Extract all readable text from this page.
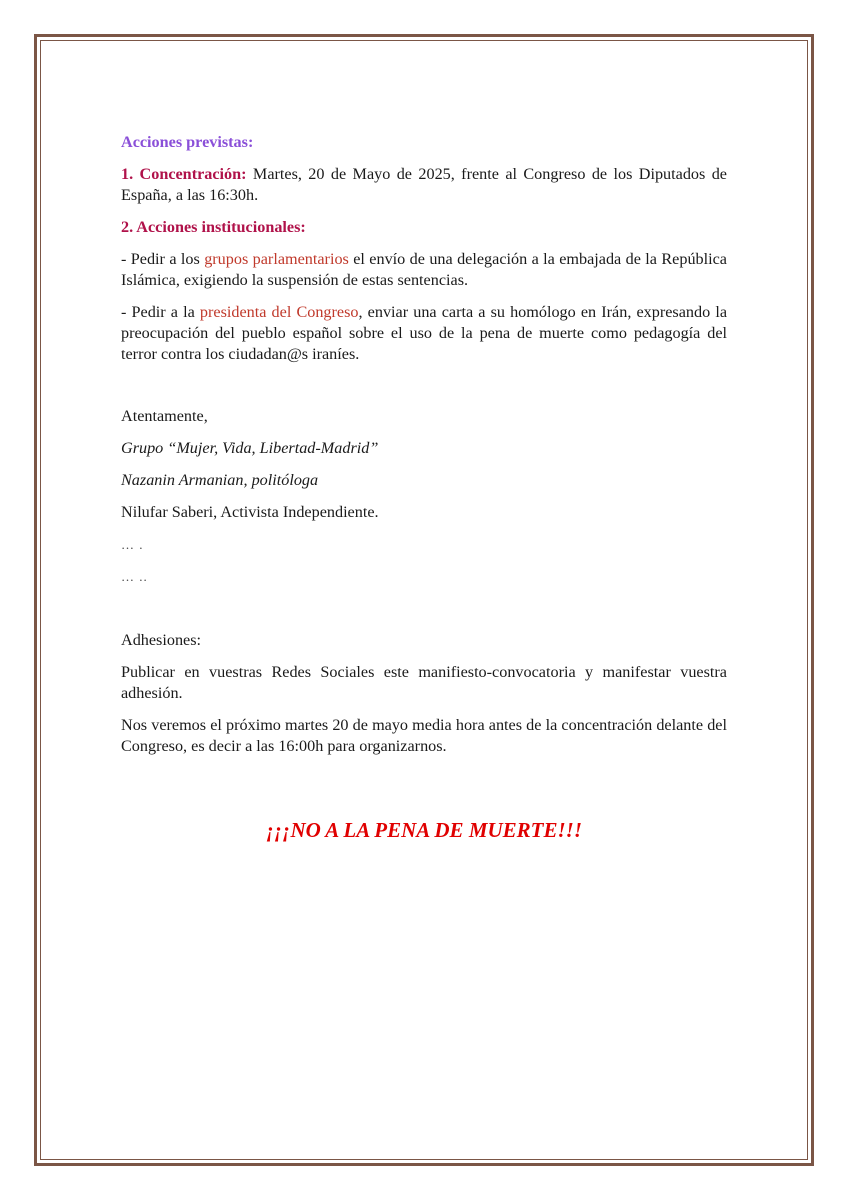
Acciones previstas:

1. Concentración: Martes, 20 de Mayo de 2025, frente al Congreso de los Diputados de España, a las 16:30h.

2. Acciones institucionales:

- Pedir a los grupos parlamentarios el envío de una delegación a la embajada de la República Islámica, exigiendo la suspensión de estas sentencias.

- Pedir a la presidenta del Congreso, enviar una carta a su homólogo en Irán, expresando la preocupación del pueblo español sobre el uso de la pena de muerte como pedagogía del terror contra los ciudadan@s iraníes.

Atentamente,

Grupo “Mujer, Vida, Libertad-Madrid”

Nazanin Armanian, politóloga

Nilufar Saberi, Activista Independiente.

… .

… ..

Adhesiones:

Publicar en vuestras Redes Sociales este manifiesto-convocatoria y manifestar vuestra adhesión.

Nos veremos el próximo martes 20 de mayo media hora antes de la concentración delante del Congreso, es decir a las 16:00h para organizarnos.

¡¡¡NO A LA PENA DE MUERTE!!!
